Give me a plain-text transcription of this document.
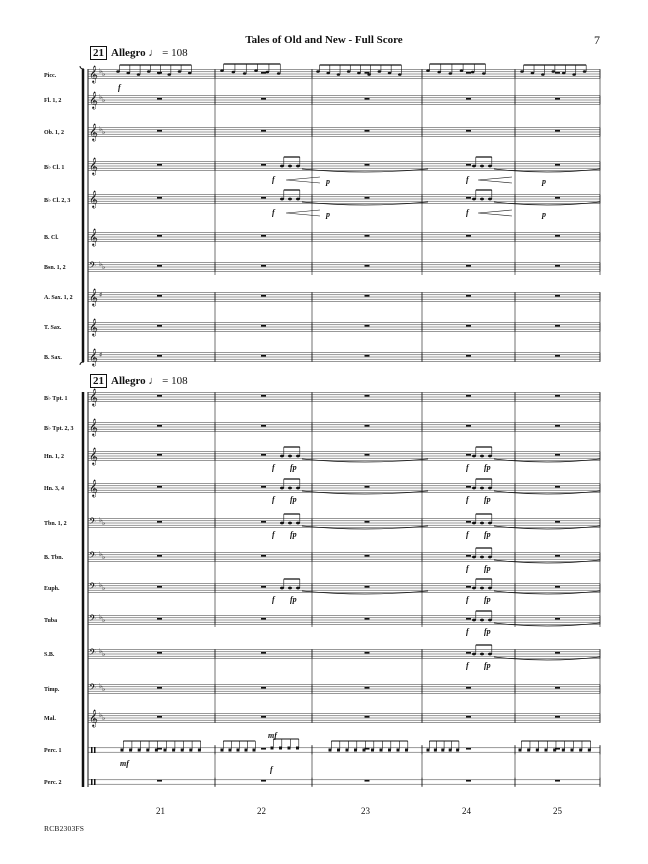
Tales of Old and New - Full Score	7
21 Allegro ♩ = 108
21 Allegro ♩ = 108
Picc.
Fl. 1, 2
Ob. 1, 2
B♭ Cl. 1
B♭ Cl. 2, 3
B. Cl.
Bsn. 1, 2
A. Sax. 1, 2
T. Sax.
B. Sax.
B♭ Tpt. 1
B♭ Tpt. 2, 3
Hn. 1, 2
Hn. 3, 4
Tbn. 1, 2
B. Tbn.
Euph.
Tuba
S.B.
Timp.
Mal.
Perc. 1
Perc. 2
𝄞 ♭ ♭
𝄞 ♭ ♭
𝄞 ♭ ♭
𝄞
𝄞
𝄞
𝄢 ♭ ♭
𝄞 ♯
𝄞
𝄞 ♯
𝄞
𝄞
𝄞
𝄞
𝄢 ♭ ♭
𝄢 ♭ ♭
𝄢 ♭ ♭
𝄢 ♭ ♭
𝄢 ♭ ♭
𝄢 ♭ ♭
𝄞 ♭ ♭
f
f	p	f	p
f	p	f	p
f fp	f fp
f fp	f fp
f fp	f fp
f fp	f fp
f fp
f fp
f fp
mf
mf
f
21	22	23	24	25
RCB2303FS
